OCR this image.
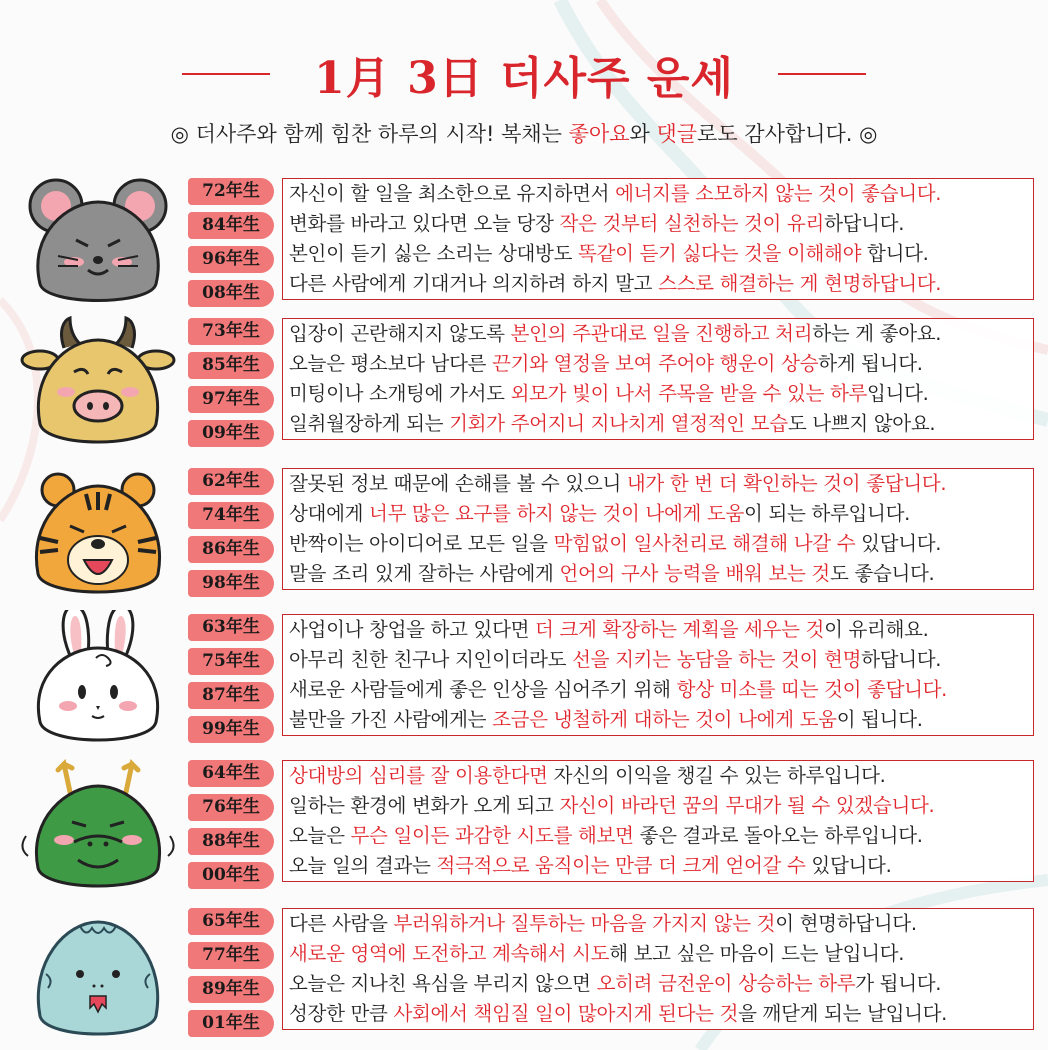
1月 3日 더사주 운세
◎ 더사주와 함께 힘찬 하루의 시작! 복채는 좋아요와 댓글로도 감사합니다. ◎
72年生
84年生
96年生
08年生
자신이 할 일을 최소한으로 유지하면서 에너지를 소모하지 않는 것이 좋습니다.
변화를 바라고 있다면 오늘 당장 작은 것부터 실천하는 것이 유리하답니다.
본인이 듣기 싫은 소리는 상대방도 똑같이 듣기 싫다는 것을 이해해야 합니다.
다른 사람에게 기대거나 의지하려 하지 말고 스스로 해결하는 게 현명하답니다.
73年生
85年生
97年生
09年生
입장이 곤란해지지 않도록 본인의 주관대로 일을 진행하고 처리하는 게 좋아요.
오늘은 평소보다 남다른 끈기와 열정을 보여 주어야 행운이 상승하게 됩니다.
미팅이나 소개팅에 가서도 외모가 빛이 나서 주목을 받을 수 있는 하루입니다.
일취월장하게 되는 기회가 주어지니 지나치게 열정적인 모습도 나쁘지 않아요.
62年生
74年生
86年生
98年生
잘못된 정보 때문에 손해를 볼 수 있으니 내가 한 번 더 확인하는 것이 좋답니다.
상대에게 너무 많은 요구를 하지 않는 것이 나에게 도움이 되는 하루입니다.
반짝이는 아이디어로 모든 일을 막힘없이 일사천리로 해결해 나갈 수 있답니다.
말을 조리 있게 잘하는 사람에게 언어의 구사 능력을 배워 보는 것도 좋습니다.
63年生
75年生
87年生
99年生
사업이나 창업을 하고 있다면 더 크게 확장하는 계획을 세우는 것이 유리해요.
아무리 친한 친구나 지인이더라도 선을 지키는 농담을 하는 것이 현명하답니다.
새로운 사람들에게 좋은 인상을 심어주기 위해 항상 미소를 띠는 것이 좋답니다.
불만을 가진 사람에게는 조금은 냉철하게 대하는 것이 나에게 도움이 됩니다.
64年生
76年生
88年生
00年生
상대방의 심리를 잘 이용한다면 자신의 이익을 챙길 수 있는 하루입니다.
일하는 환경에 변화가 오게 되고 자신이 바라던 꿈의 무대가 될 수 있겠습니다.
오늘은 무슨 일이든 과감한 시도를 해보면 좋은 결과로 돌아오는 하루입니다.
오늘 일의 결과는 적극적으로 움직이는 만큼 더 크게 얻어갈 수 있답니다.
65年生
77年生
89年生
01年生
다른 사람을 부러워하거나 질투하는 마음을 가지지 않는 것이 현명하답니다.
새로운 영역에 도전하고 계속해서 시도해 보고 싶은 마음이 드는 날입니다.
오늘은 지나친 욕심을 부리지 않으면 오히려 금전운이 상승하는 하루가 됩니다.
성장한 만큼 사회에서 책임질 일이 많아지게 된다는 것을 깨닫게 되는 날입니다.
